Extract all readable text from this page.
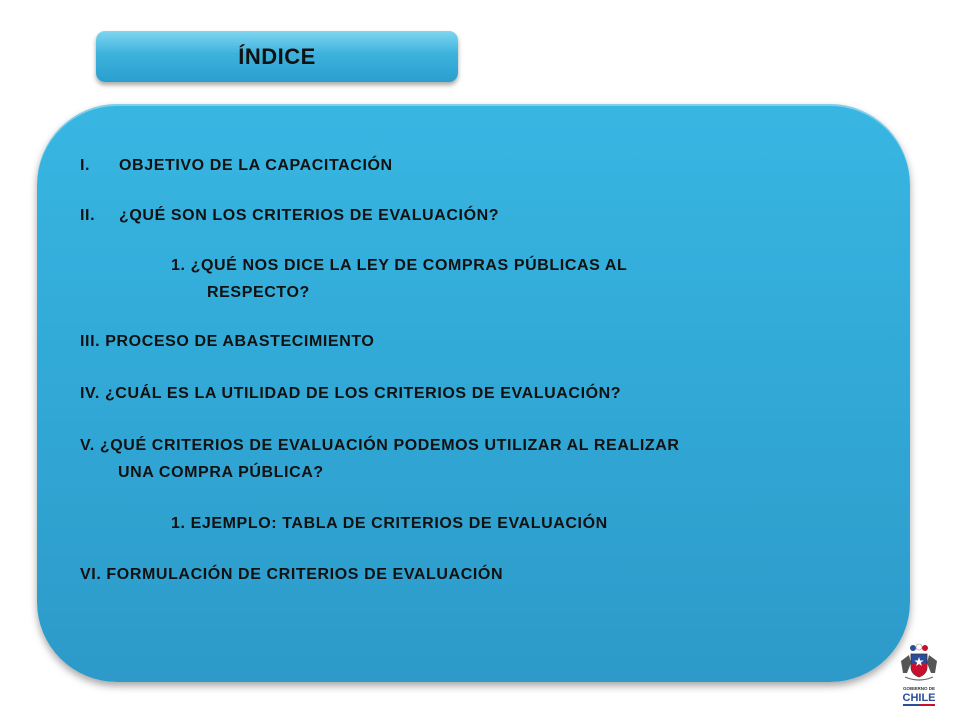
ÍNDICE
I. OBJETIVO DE LA CAPACITACIÓN
II. ¿QUÉ SON LOS CRITERIOS DE EVALUACIÓN?
1. ¿QUÉ NOS DICE LA LEY DE COMPRAS PÚBLICAS AL
RESPECTO?
III. PROCESO DE ABASTECIMIENTO
IV. ¿CUÁL ES LA UTILIDAD DE LOS CRITERIOS DE EVALUACIÓN?
V. ¿QUÉ CRITERIOS DE EVALUACIÓN PODEMOS UTILIZAR AL REALIZAR
UNA COMPRA PÚBLICA?
1. EJEMPLO: TABLA DE CRITERIOS DE EVALUACIÓN
VI. FORMULACIÓN DE CRITERIOS DE EVALUACIÓN
GOBIERNO DE
CHILE
